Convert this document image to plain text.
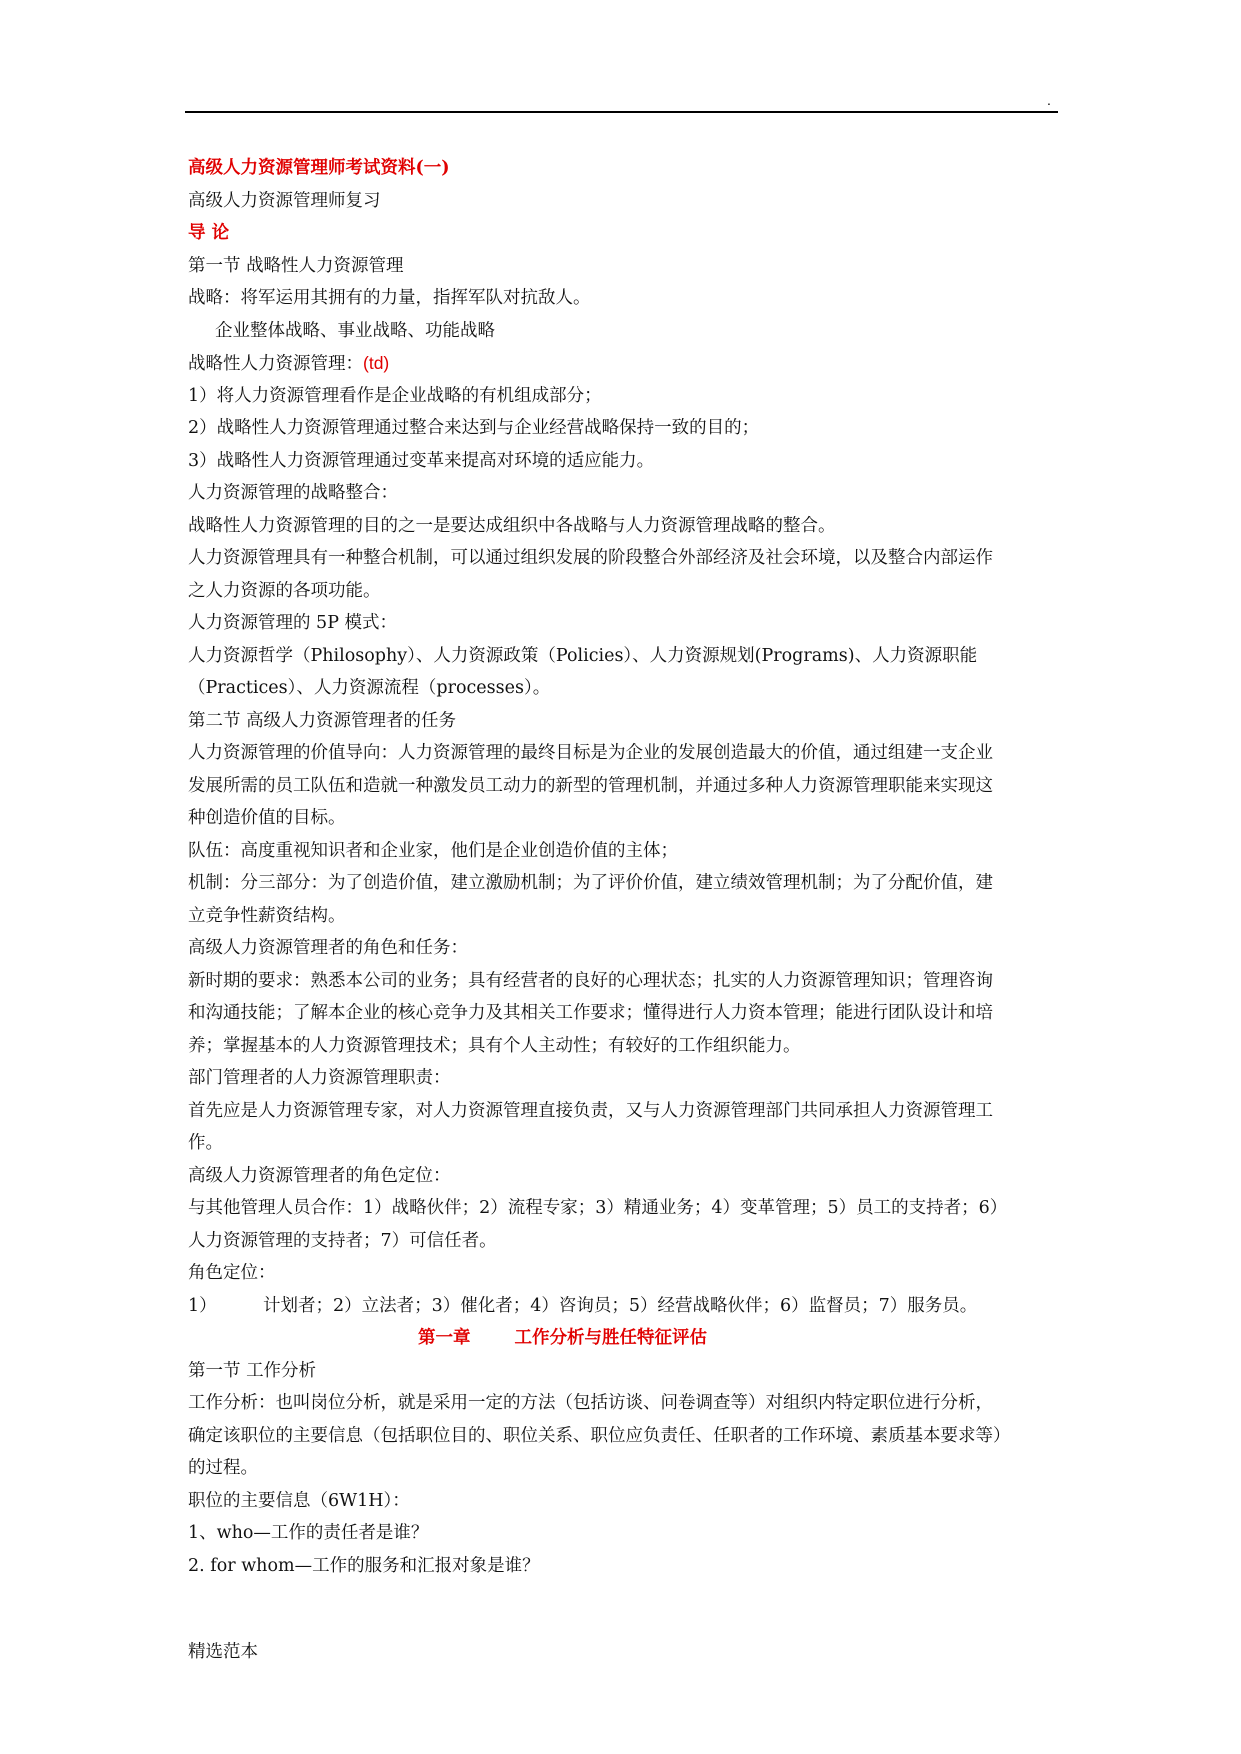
.
高级人力资源管理师考试资料(一)
高级人力资源管理师复习
导 论
第一节 战略性人力资源管理
战略：将军运用其拥有的力量，指挥军队对抗敌人。
企业整体战略、事业战略、功能战略
战略性人力资源管理：(td)
1）将人力资源管理看作是企业战略的有机组成部分；
2）战略性人力资源管理通过整合来达到与企业经营战略保持一致的目的；
3）战略性人力资源管理通过变革来提高对环境的适应能力。
人力资源管理的战略整合：
战略性人力资源管理的目的之一是要达成组织中各战略与人力资源管理战略的整合。
人力资源管理具有一种整合机制，可以通过组织发展的阶段整合外部经济及社会环境，以及整合内部运作
之人力资源的各项功能。
人力资源管理的 5P 模式：
人力资源哲学（Philosophy）、人力资源政策（Policies）、人力资源规划(Programs)、人力资源职能
（Practices）、人力资源流程（processes）。
第二节 高级人力资源管理者的任务
人力资源管理的价值导向：人力资源管理的最终目标是为企业的发展创造最大的价值，通过组建一支企业
发展所需的员工队伍和造就一种激发员工动力的新型的管理机制，并通过多种人力资源管理职能来实现这
种创造价值的目标。
队伍：高度重视知识者和企业家，他们是企业创造价值的主体；
机制：分三部分：为了创造价值，建立激励机制；为了评价价值，建立绩效管理机制；为了分配价值，建
立竞争性薪资结构。
高级人力资源管理者的角色和任务：
新时期的要求：熟悉本公司的业务；具有经营者的良好的心理状态；扎实的人力资源管理知识；管理咨询
和沟通技能；了解本企业的核心竞争力及其相关工作要求；懂得进行人力资本管理；能进行团队设计和培
养；掌握基本的人力资源管理技术；具有个人主动性；有较好的工作组织能力。
部门管理者的人力资源管理职责：
首先应是人力资源管理专家，对人力资源管理直接负责，又与人力资源管理部门共同承担人力资源管理工
作。
高级人力资源管理者的角色定位：
与其他管理人员合作：1）战略伙伴；2）流程专家；3）精通业务；4）变革管理；5）员工的支持者；6）
人力资源管理的支持者；7）可信任者。
角色定位：
1）	计划者；2）立法者；3）催化者；4）咨询员；5）经营战略伙伴；6）监督员；7）服务员。
第一章	工作分析与胜任特征评估
第一节 工作分析
工作分析：也叫岗位分析，就是采用一定的方法（包括访谈、问卷调查等）对组织内特定职位进行分析，
确定该职位的主要信息（包括职位目的、职位关系、职位应负责任、任职者的工作环境、素质基本要求等）
的过程。
职位的主要信息（6W1H）：
1、who—工作的责任者是谁？
2. for whom—工作的服务和汇报对象是谁？
精选范本
